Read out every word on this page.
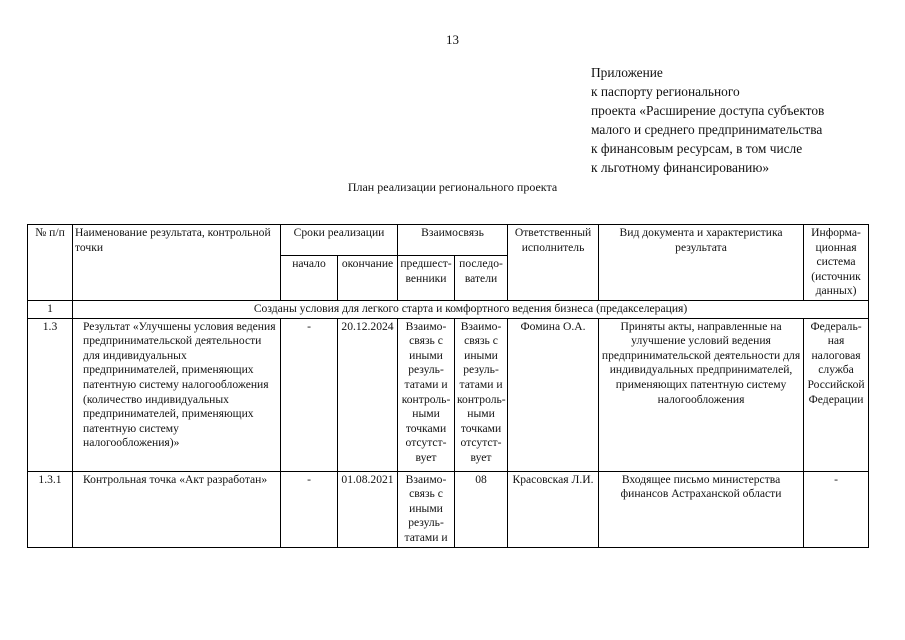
13
Приложение
к паспорту регионального
проекта «Расширение доступа субъектов
малого и среднего предпринимательства
к финансовым ресурсам, в том числе
к льготному финансированию»
План реализации регионального проекта
№ п/п	Наименование результата, контрольной точки	Сроки реализации		Взаимосвязь		Ответственный исполнитель	Вид документа и характеристика результата	Информа-ционная система (источник данных)
		начало	окончание	предшест-венники	последо-ватели			
1	Созданы условия для легкого старта и комфортного ведения бизнеса (предакселерация)							
1.3	Результат «Улучшены условия ведения предпринимательской деятельности для индивидуальных предпринимателей, применяющих патентную систему налогообложения (количество индивидуальных предпринимателей, применяющих патентную систему налогообложения)»	-	20.12.2024	Взаимо-связь с иными резуль-татами и контроль-ными точками отсутст-вует	Взаимо-связь с иными резуль-татами и контроль-ными точками отсутст-вует	Фомина О.А.	Приняты акты, направленные на улучшение условий ведения предпринимательской деятельности для индивидуальных предпринимателей, применяющих патентную систему налогообложения	Федераль-ная налоговая служба Российской Федерации
1.3.1	Контрольная точка «Акт разработан»	-	01.08.2021	Взаимо-связь с иными резуль-татами и	08	Красовская Л.И.	Входящее письмо министерства финансов Астраханской области	-
